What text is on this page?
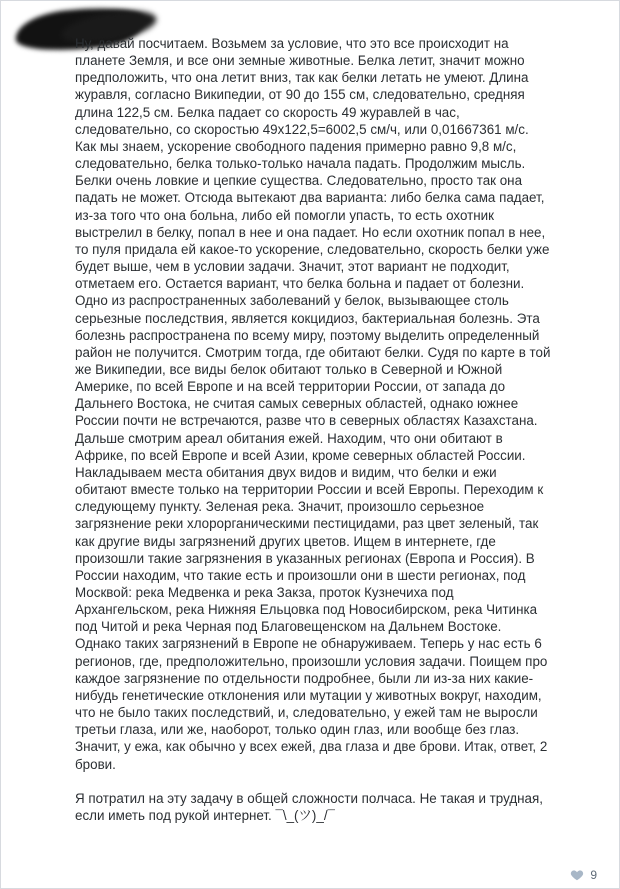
Ну, давай посчитаем. Возьмем за условие, что это все происходит на
планете Земля, и все они земные животные. Белка летит, значит можно
предположить, что она летит вниз, так как белки летать не умеют. Длина
журавля, согласно Википедии, от 90 до 155 см, следовательно, средняя
длина 122,5 см. Белка падает со скорость 49 журавлей в час,
следовательно, со скоростью 49х122,5=6002,5 см/ч, или 0,01667361 м/с.
Как мы знаем, ускорение свободного падения примерно равно 9,8 м/с,
следовательно, белка только-только начала падать. Продолжим мысль.
Белки очень ловкие и цепкие существа. Следовательно, просто так она
падать не может. Отсюда вытекают два варианта: либо белка сама падает,
из-за того что она больна, либо ей помогли упасть, то есть охотник
выстрелил в белку, попал в нее и она падает. Но если охотник попал в нее,
то пуля придала ей какое-то ускорение, следовательно, скорость белки уже
будет выше, чем в условии задачи. Значит, этот вариант не подходит,
отметаем его. Остается вариант, что белка больна и падает от болезни.
Одно из распространенных заболеваний у белок, вызывающее столь
серьезные последствия, является кокцидиоз, бактериальная болезнь. Эта
болезнь распространена по всему миру, поэтому выделить определенный
район не получится. Смотрим тогда, где обитают белки. Судя по карте в той
же Википедии, все виды белок обитают только в Северной и Южной
Америке, по всей Европе и на всей территории России, от запада до
Дальнего Востока, не считая самых северных областей, однако южнее
России почти не встречаются, разве что в северных областях Казахстана.
Дальше смотрим ареал обитания ежей. Находим, что они обитают в
Африке, по всей Европе и всей Азии, кроме северных областей России.
Накладываем места обитания двух видов и видим, что белки и ежи
обитают вместе только на территории России и всей Европы. Переходим к
следующему пункту. Зеленая река. Значит, произошло серьезное
загрязнение реки хлорорганическими пестицидами, раз цвет зеленый, так
как другие виды загрязнений других цветов. Ищем в интернете, где
произошли такие загрязнения в указанных регионах (Европа и Россия). В
России находим, что такие есть и произошли они в шести регионах, под
Москвой: река Медвенка и река Закза, проток Кузнечиха под
Архангельском, река Нижняя Ельцовка под Новосибирском, река Читинка
под Читой и река Черная под Благовещенском на Дальнем Востоке.
Однако таких загрязнений в Европе не обнаруживаем. Теперь у нас есть 6
регионов, где, предположительно, произошли условия задачи. Поищем про
каждое загрязнение по отдельности подробнее, были ли из-за них какие-
нибудь генетические отклонения или мутации у животных вокруг, находим,
что не было таких последствий, и, следовательно, у ежей там не выросли
третьи глаза, или же, наоборот, только один глаз, или вообще без глаз.
Значит, у ежа, как обычно у всех ежей, два глаза и две брови. Итак, ответ, 2
брови.
Я потратил на эту задачу в общей сложности полчаса. Не такая и трудная,
если иметь под рукой интернет. ¯\_(ツ)_/¯
9
